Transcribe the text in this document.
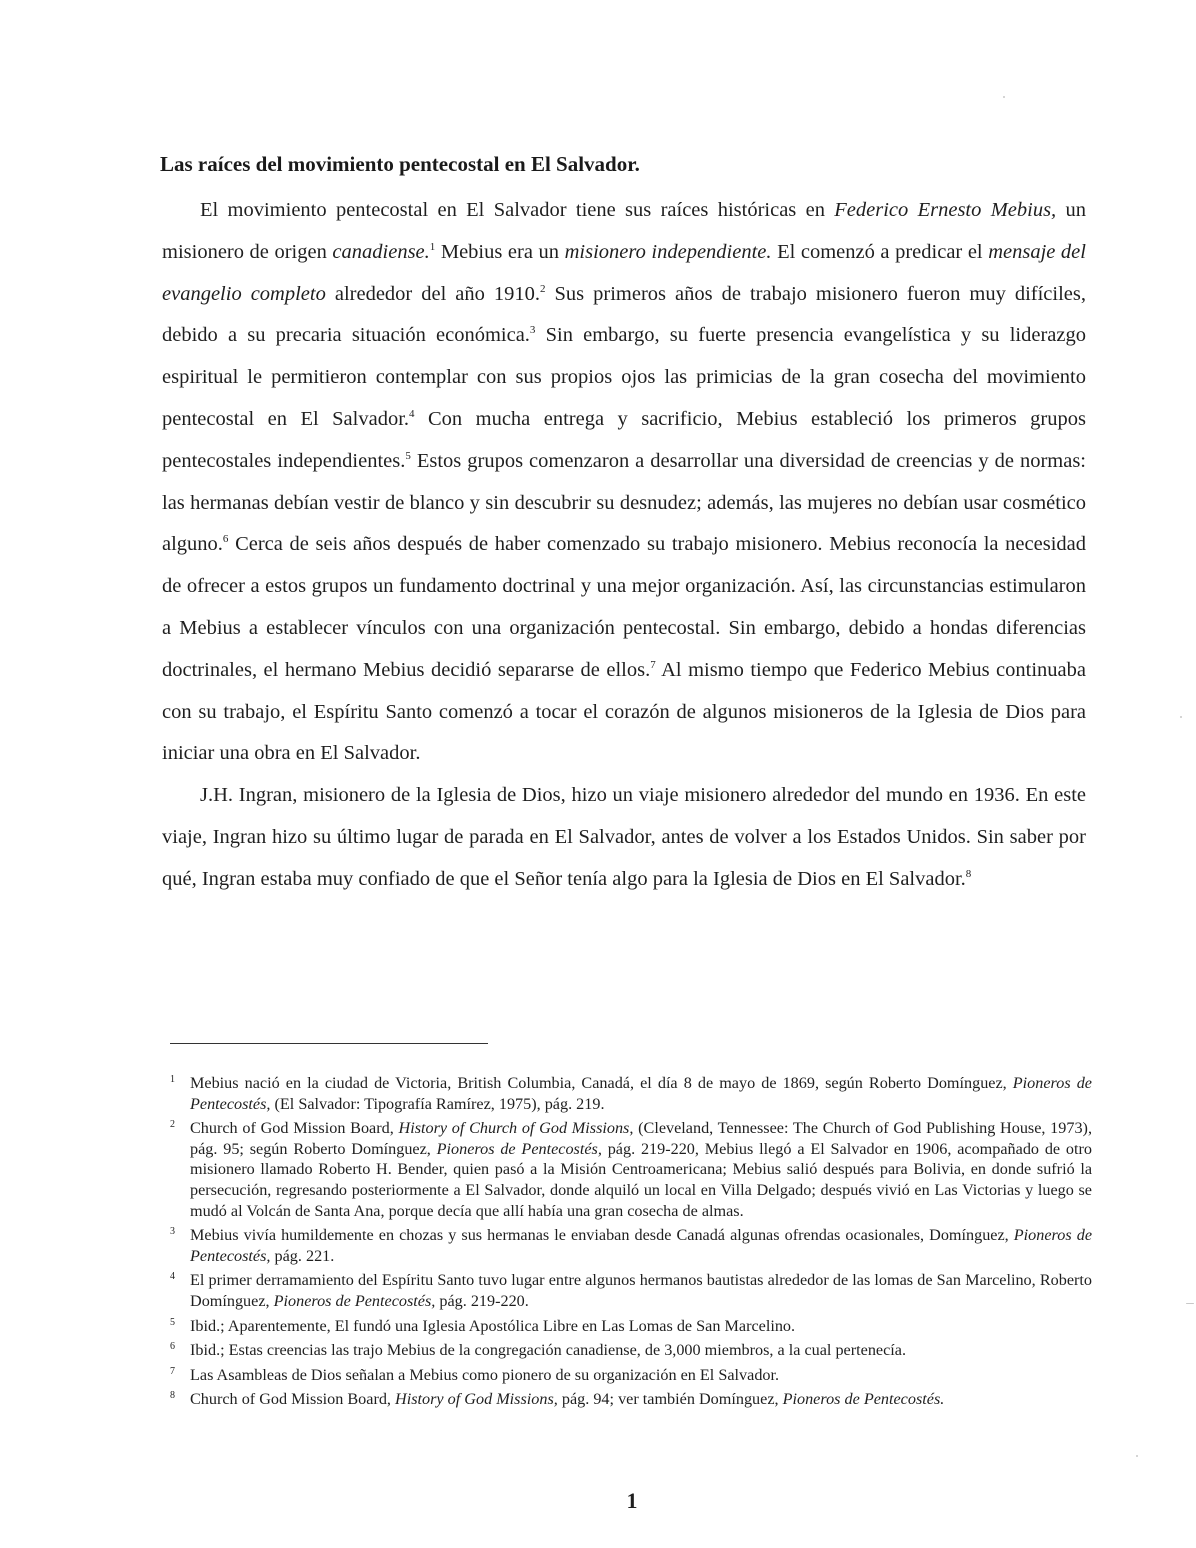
Las raíces del movimiento pentecostal en El Salvador.

El movimiento pentecostal en El Salvador tiene sus raíces históricas en Federico Ernesto Mebius, un misionero de origen canadiense.$^1$ Mebius era un misionero independiente. El comenzó a predicar el mensaje del evangelio completo alrededor del año 1910.$^2$ Sus primeros años de trabajo misionero fueron muy difíciles, debido a su precaria situación económica.$^3$ Sin embargo, su fuerte presencia evangelística y su liderazgo espiritual le permitieron contemplar con sus propios ojos las primicias de la gran cosecha del movimiento pentecostal en El Salvador.$^4$ Con mucha entrega y sacrificio, Mebius estableció los primeros grupos pentecostales independientes.$^5$ Estos grupos comenzaron a desarrollar una diversidad de creencias y de normas: las hermanas debían vestir de blanco y sin descubrir su desnudez; además, las mujeres no debían usar cosmético alguno.$^6$ Cerca de seis años después de haber comenzado su trabajo misionero. Mebius reconocía la necesidad de ofrecer a estos grupos un fundamento doctrinal y una mejor organización. Así, las circunstancias estimularon a Mebius a establecer vínculos con una organización pentecostal. Sin embargo, debido a hondas diferencias doctrinales, el hermano Mebius decidió separarse de ellos.$^7$ Al mismo tiempo que Federico Mebius continuaba con su trabajo, el Espíritu Santo comenzó a tocar el corazón de algunos misioneros de la Iglesia de Dios para iniciar una obra en El Salvador.

J.H. Ingran, misionero de la Iglesia de Dios, hizo un viaje misionero alrededor del mundo en 1936. En este viaje, Ingran hizo su último lugar de parada en El Salvador, antes de volver a los Estados Unidos. Sin saber por qué, Ingran estaba muy confiado de que el Señor tenía algo para la Iglesia de Dios en El Salvador.$^8$

1 Mebius nació en la ciudad de Victoria, British Columbia, Canadá, el día 8 de mayo de 1869, según Roberto Domínguez, Pioneros de Pentecostés, (El Salvador: Tipografía Ramírez, 1975), pág. 219.
2 Church of God Mission Board, History of Church of God Missions, (Cleveland, Tennessee: The Church of God Publishing House, 1973), pág. 95; según Roberto Domínguez, Pioneros de Pentecostés, pág. 219-220, Mebius llegó a El Salvador en 1906, acompañado de otro misionero llamado Roberto H. Bender, quien pasó a la Misión Centroamericana; Mebius salió después para Bolivia, en donde sufrió la persecución, regresando posteriormente a El Salvador, donde alquiló un local en Villa Delgado; después vivió en Las Victorias y luego se mudó al Volcán de Santa Ana, porque decía que allí había una gran cosecha de almas.
3 Mebius vivía humildemente en chozas y sus hermanas le enviaban desde Canadá algunas ofrendas ocasionales, Domínguez, Pioneros de Pentecostés, pág. 221.
4 El primer derramamiento del Espíritu Santo tuvo lugar entre algunos hermanos bautistas alrededor de las lomas de San Marcelino, Roberto Domínguez, Pioneros de Pentecostés, pág. 219-220.
5 Ibid.; Aparentemente, El fundó una Iglesia Apostólica Libre en Las Lomas de San Marcelino.
6 Ibid.; Estas creencias las trajo Mebius de la congregación canadiense, de 3,000 miembros, a la cual pertenecía.
7 Las Asambleas de Dios señalan a Mebius como pionero de su organización en El Salvador.
8 Church of God Mission Board, History of God Missions, pág. 94; ver también Domínguez, Pioneros de Pentecostés.
1
